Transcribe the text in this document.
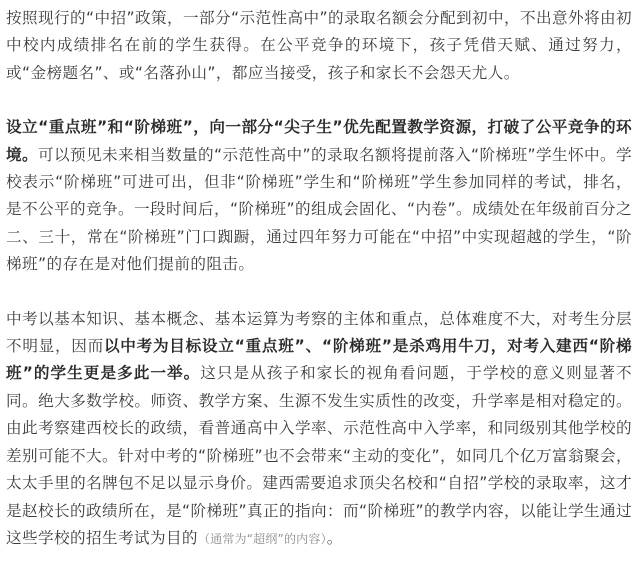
按照现行的“中招”政策，一部分“示范性高中”的录取名额会分配到初中，不出意外将由初中校内成绩排名在前的学生获得。在公平竞争的环境下，孩子凭借天赋、通过努力，或“金榜题名”、或“名落孙山”，都应当接受，孩子和家长不会怨天尤人。

设立“重点班”和“阶梯班”，向一部分“尖子生”优先配置教学资源，打破了公平竞争的环境。可以预见未来相当数量的“示范性高中”的录取名额将提前落入“阶梯班”学生怀中。学校表示“阶梯班”可进可出，但非“阶梯班”学生和“阶梯班”学生参加同样的考试，排名，是不公平的竞争。一段时间后，“阶梯班”的组成会固化、“内卷”。成绩处在年级前百分之二、三十，常在“阶梯班”门口踟蹰，通过四年努力可能在“中招”中实现超越的学生，“阶梯班”的存在是对他们提前的阻击。

中考以基本知识、基本概念、基本运算为考察的主体和重点，总体难度不大，对考生分层不明显，因而以中考为目标设立“重点班”、“阶梯班”是杀鸡用牛刀，对考入建西“阶梯班”的学生更是多此一举。这只是从孩子和家长的视角看问题，于学校的意义则显著不同。绝大多数学校。师资、教学方案、生源不发生实质性的改变，升学率是相对稳定的。由此考察建西校长的政绩，看普通高中入学率、示范性高中入学率，和同级别其他学校的差别可能不大。针对中考的“阶梯班”也不会带来“主动的变化”，如同几个亿万富翁聚会，太太手里的名牌包不足以显示身价。建西需要追求顶尖名校和“自招”学校的录取率，这才是赵校长的政绩所在，是“阶梯班”真正的指向：而“阶梯班”的教学内容，以能让学生通过这些学校的招生考试为目的（通常为“超纲”的内容）。
